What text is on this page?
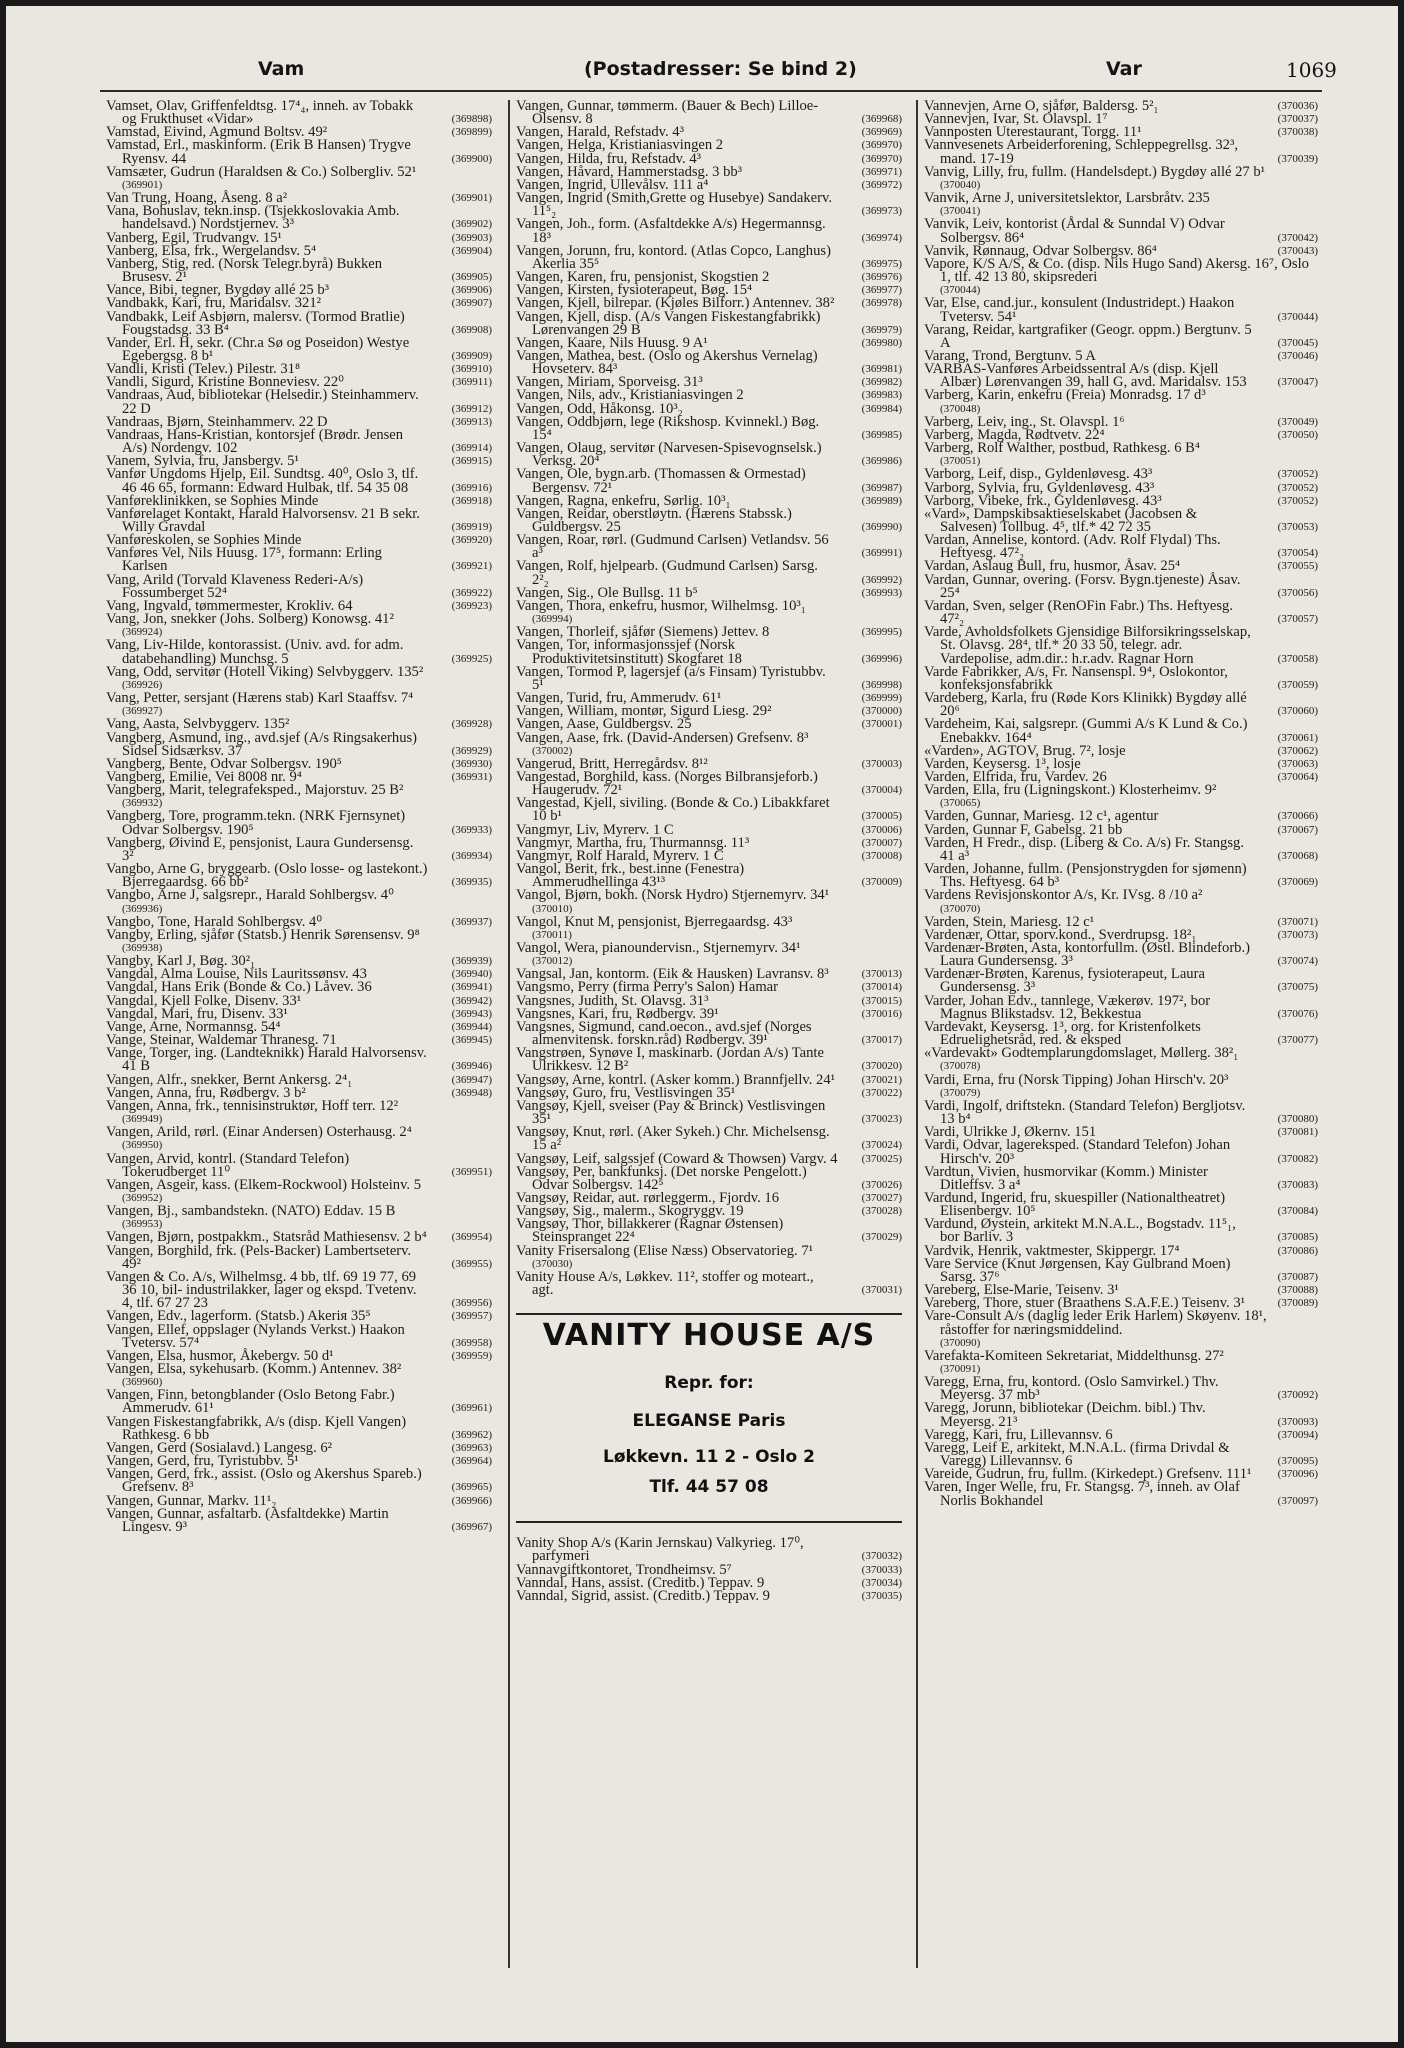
Vam	(Postadresser: Se bind 2)	Var	1069
Vamset, Olav, Griffenfeldtsg. 17⁴₄, inneh. av Tobakk og Frukthuset «Vidar»	(369898)
Vamstad, Eivind, Agmund Boltsv. 49²	(369899)
Vamstad, Erl., maskinform. (Erik B Hansen) Trygve Ryensv. 44	(369900)
Vamsæter, Gudrun (Haraldsen & Co.) Solbergliv. 52¹
(369901)
Van Trung, Hoang, Åseng. 8 a²	(369901)
Vana, Bohuslav, tekn.insp. (Tsjekkoslovakia Amb. handelsavd.) Nordstjernev. 3³	(369902)
Vanberg, Egil, Trudvangv. 15¹	(369903)
Vanberg, Elsa, frk., Wergelandsv. 5⁴	(369904)
Vanberg, Stig, red. (Norsk Telegr.byrå) Bukken Brusesv. 2¹	(369905)
Vance, Bibi, tegner, Bygdøy allé 25 b³	(369906)
Vandbakk, Kari, fru, Maridalsv. 321²	(369907)
Vandbakk, Leif Asbjørn, malersv. (Tormod Bratlie) Fougstadsg. 33 B⁴	(369908)
Vander, Erl. H, sekr. (Chr.a Sø og Poseidon) Westye Egebergsg. 8 b¹	(369909)
Vandli, Kristi (Telev.) Pilestr. 31⁸	(369910)
Vandli, Sigurd, Kristine Bonneviesv. 22⁰	(369911)
Vandraas, Aud, bibliotekar (Helsedir.) Steinhammerv. 22 D	(369912)
Vandraas, Bjørn, Steinhammerv. 22 D	(369913)
Vandraas, Hans-Kristian, kontorsjef (Brødr. Jensen A/s) Nordengv. 102	(369914)
Vanem, Sylvia, fru, Jansbergv. 5¹	(369915)
Vanfør Ungdoms Hjelp, Eil. Sundtsg. 40⁰, Oslo 3, tlf. 46 46 65, formann: Edward Hulbak, tlf. 54 35 08	(369916)
Vanføreklinikken, se Sophies Minde	(369918)
Vanførelaget Kontakt, Harald Halvorsensv. 21 B sekr. Willy Gravdal	(369919)
Vanføreskolen, se Sophies Minde	(369920)
Vanføres Vel, Nils Huusg. 17⁵, formann: Erling Karlsen	(369921)
Vang, Arild (Torvald Klaveness Rederi-A/s) Fossumberget 52⁴	(369922)
Vang, Ingvald, tømmermester, Krokliv. 64	(369923)
Vang, Jon, snekker (Johs. Solberg) Konowsg. 41²
(369924)
Vang, Liv-Hilde, kontorassist. (Univ. avd. for adm. databehandling) Munchsg. 5	(369925)
Vang, Odd, servitør (Hotell Viking) Selvbyggerv. 135²
(369926)
Vang, Petter, sersjant (Hærens stab) Karl Staaffsv. 7⁴
(369927)
Vang, Aasta, Selvbyggerv. 135²	(369928)
Vangberg, Asmund, ing., avd.sjef (A/s Ringsakerhus) Sidsel Sidsærksv. 37	(369929)
Vangberg, Bente, Odvar Solbergsv. 190⁵	(369930)
Vangberg, Emilie, Vei 8008 nr. 9⁴	(369931)
Vangberg, Marit, telegrafeksped., Majorstuv. 25 B²
(369932)
Vangberg, Tore, programm.tekn. (NRK Fjernsynet) Odvar Solbergsv. 190⁵	(369933)
Vangberg, Øivind E, pensjonist, Laura Gundersensg. 3²	(369934)
Vangbo, Arne G, bryggearb. (Oslo losse- og lastekont.) Bjerregaardsg. 66 bb²	(369935)
Vangbo, Arne J, salgsrepr., Harald Sohlbergsv. 4⁰
(369936)
Vangbo, Tone, Harald Sohlbergsv. 4⁰	(369937)
Vangby, Erling, sjåfør (Statsb.) Henrik Sørensensv. 9⁸
(369938)
Vangby, Karl J, Bøg. 30²₁	(369939)
Vangdal, Alma Louise, Nils Lauritssønsv. 43	(369940)
Vangdal, Hans Erik (Bonde & Co.) Låvev. 36	(369941)
Vangdal, Kjell Folke, Disenv. 33¹	(369942)
Vangdal, Mari, fru, Disenv. 33¹	(369943)
Vange, Arne, Normannsg. 54⁴	(369944)
Vange, Steinar, Waldemar Thranesg. 71	(369945)
Vange, Torger, ing. (Landteknikk) Harald Halvorsensv. 41 B	(369946)
Vangen, Alfr., snekker, Bernt Ankersg. 2⁴₁	(369947)
Vangen, Anna, fru, Rødbergv. 3 b²	(369948)
Vangen, Anna, frk., tennisinstruktør, Hoff terr. 12²
(369949)
Vangen, Arild, rørl. (Einar Andersen) Osterhausg. 2⁴
(369950)
Vangen, Arvid, kontrl. (Standard Telefon) Tokerudberget 11⁰	(369951)
Vangen, Asgeir, kass. (Elkem-Rockwool) Holsteinv. 5
(369952)
Vangen, Bj., sambandstekn. (NATO) Eddav. 15 B
(369953)
Vangen, Bjørn, postpakkm., Statsråd Mathiesensv. 2 b⁴ (369954)
Vangen, Borghild, frk. (Pels-Backer) Lambertseterv. 49²	(369955)
Vangen & Co. A/s, Wilhelmsg. 4 bb, tlf. 69 19 77, 69 36 10, bil- industrilakker, lager og ekspd. Tvetenv. 4, tlf. 67 27 23	(369956)
Vangen, Edv., lagerform. (Statsb.) Akerія 35⁵	(369957)
Vangen, Ellef, oppslager (Nylands Verkst.) Haakon Tvetersv. 57⁴	(369958)
Vangen, Elsa, husmor, Åkebergv. 50 d¹	(369959)
Vangen, Elsa, sykehusarb. (Komm.) Antennev. 38²
(369960)
Vangen, Finn, betongblander (Oslo Betong Fabr.) Ammerudv. 61¹	(369961)
Vangen Fiskestangfabrikk, A/s (disp. Kjell Vangen) Rathkesg. 6 bb	(369962)
Vangen, Gerd (Sosialavd.) Langesg. 6²	(369963)
Vangen, Gerd, fru, Tyristubbv. 5¹	(369964)
Vangen, Gerd, frk., assist. (Oslo og Akershus Spareb.) Grefsenv. 8³	(369965)
Vangen, Gunnar, Markv. 11¹₂	(369966)
Vangen, Gunnar, asfaltarb. (Asfaltdekke) Martin Lingesv. 9³	(369967)
Vangen, Gunnar, tømmerm. (Bauer & Bech) Lilloe-Olsensv. 8	(369968)
Vangen, Harald, Refstadv. 4³	(369969)
Vangen, Helga, Kristianiasvingen 2	(369970)
Vangen, Hilda, fru, Refstadv. 4³	(369970)
Vangen, Håvard, Hammerstadsg. 3 bb³	(369971)
Vangen, Ingrid, Ullevålsv. 111 a⁴	(369972)
Vangen, Ingrid (Smith,Grette og Husebye) Sandakerv. 11⁵₂	(369973)
Vangen, Joh., form. (Asfaltdekke A/s) Hegermannsg. 18³	(369974)
Vangen, Jorunn, fru, kontord. (Atlas Copco, Langhus) Akerlia 35⁵	(369975)
Vangen, Karen, fru, pensjonist, Skogstien 2	(369976)
Vangen, Kirsten, fysioterapeut, Bøg. 15⁴	(369977)
Vangen, Kjell, bilrepar. (Kjøles Bilforr.) Antennev. 38² (369978)
Vangen, Kjell, disp. (A/s Vangen Fiskestangfabrikk) Lørenvangen 29 B	(369979)
Vangen, Kaare, Nils Huusg. 9 A¹	(369980)
Vangen, Mathea, best. (Oslo og Akershus Vernelag) Hovseterv. 84³	(369981)
Vangen, Miriam, Sporveisg. 31³	(369982)
Vangen, Nils, adv., Kristianiasvingen 2	(369983)
Vangen, Odd, Håkonsg. 10³₂	(369984)
Vangen, Oddbjørn, lege (Rikshosp. Kvinnekl.) Bøg. 15⁴	(369985)
Vangen, Olaug, servitør (Narvesen-Spisevognselsk.) Verksg. 20⁴	(369986)
Vangen, Ole, bygn.arb. (Thomassen & Ormestad) Bergensv. 72¹	(369987)
Vangen, Ragna, enkefru, Sørlig. 10³₁	(369989)
Vangen, Reidar, oberstløytn. (Hærens Stabssk.) Guldbergsv. 25	(369990)
Vangen, Roar, rørl. (Gudmund Carlsen) Vetlandsv. 56 a³	(369991)
Vangen, Rolf, hjelpearb. (Gudmund Carlsen) Sarsg. 2²₂	(369992)
Vangen, Sig., Ole Bullsg. 11 b⁵	(369993)
Vangen, Thora, enkefru, husmor, Wilhelmsg. 10³₁
(369994)
Vangen, Thorleif, sjåfør (Siemens) Jettev. 8	(369995)
Vangen, Tor, informasjonssjef (Norsk Produktivitetsinstitutt) Skogfaret 18	(369996)
Vangen, Tormod P, lagersjef (a/s Finsam) Tyristubbv. 5¹	(369998)
Vangen, Turid, fru, Ammerudv. 61¹	(369999)
Vangen, William, montør, Sigurd Liesg. 29²	(370000)
Vangen, Aase, Guldbergsv. 25	(370001)
Vangen, Aase, frk. (David-Andersen) Grefsenv. 8³
(370002)
Vangerud, Britt, Herregårdsv. 8¹²	(370003)
Vangestad, Borghild, kass. (Norges Bilbransjeforb.) Haugerudv. 72¹	(370004)
Vangestad, Kjell, siviling. (Bonde & Co.) Libakkfaret 10 b¹	(370005)
Vangmyr, Liv, Myrerv. 1 C	(370006)
Vangmyr, Martha, fru, Thurmannsg. 11³	(370007)
Vangmyr, Rolf Harald, Myrerv. 1 C	(370008)
Vangol, Berit, frk., best.inne (Fenestra) Ammerudhellinga 43¹³	(370009)
Vangol, Bjørn, bokh. (Norsk Hydro) Stjernemyrv. 34¹
(370010)
Vangol, Knut M, pensjonist, Bjerregaardsg. 43³
(370011)
Vangol, Wera, pianoundervisn., Stjernemyrv. 34¹
(370012)
Vangsal, Jan, kontorm. (Eik & Hausken) Lavransv. 8³	(370013)
Vangsmo, Perry (firma Perry's Salon) Hamar	(370014)
Vangsnes, Judith, St. Olavsg. 31³	(370015)
Vangsnes, Kari, fru, Rødbergv. 39¹	(370016)
Vangsnes, Sigmund, cand.oecon., avd.sjef (Norges almenvitensk. forskn.råd) Rødbergv. 39¹	(370017)
Vangstrøen, Synøve I, maskinarb. (Jordan A/s) Tante Ulrikkesv. 12 B²	(370020)
Vangsøy, Arne, kontrl. (Asker komm.) Brannfjellv. 24¹ (370021)
Vangsøy, Guro, fru, Vestlisvingen 35¹	(370022)
Vangsøy, Kjell, sveiser (Pay & Brinck) Vestlisvingen 35¹	(370023)
Vangsøy, Knut, rørl. (Aker Sykeh.) Chr. Michelsensg. 15 a²	(370024)
Vangsøy, Leif, salgssjef (Coward & Thowsen) Vargv. 4 (370025)
Vangsøy, Per, bankfunksj. (Det norske Pengelott.) Odvar Solbergsv. 142⁵	(370026)
Vangsøy, Reidar, aut. rørleggerm., Fjordv. 16	(370027)
Vangsøy, Sig., malerm., Skogryggv. 19	(370028)
Vangsøy, Thor, billakkerer (Ragnar Østensen) Steinspranget 22⁴	(370029)
Vanity Frisersalong (Elise Næss) Observatorieg. 7¹
(370030)
Vanity House A/s, Løkkev. 11², stoffer og moteart., agt.	(370031)
VANITY HOUSE A/S
Repr. for:
ELEGANSE Paris
Løkkevn. 11 2 - Oslo 2
Tlf. 44 57 08
Vanity Shop A/s (Karin Jernskau) Valkyrieg. 17⁰, parfymeri	(370032)
Vannavgiftkontoret, Trondheimsv. 5⁷	(370033)
Vanndal, Hans, assist. (Creditb.) Teppav. 9	(370034)
Vanndal, Sigrid, assist. (Creditb.) Teppav. 9	(370035)
Vannevjen, Arne O, sjåfør, Baldersg. 5²₁	(370036)
Vannevjen, Ivar, St. Olavspl. 1⁷	(370037)
Vannposten Uterestaurant, Torgg. 11¹	(370038)
Vannvesenets Arbeiderforening, Schleppegrellsg. 32³, mand. 17-19	(370039)
Vanvig, Lilly, fru, fullm. (Handelsdept.) Bygdøy allé 27 b¹
(370040)
Vanvik, Arne J, universitetslektor, Larsbråtv. 235
(370041)
Vanvik, Leiv, kontorist (Årdal & Sunndal V) Odvar Solbergsv. 86⁴	(370042)
Vanvik, Rønnaug, Odvar Solbergsv. 86⁴	(370043)
Vapore, K/S A/S, & Co. (disp. Nils Hugo Sand) Akersg. 16⁷, Oslo 1, tlf. 42 13 80, skipsrederi
(370044)
Var, Else, cand.jur., konsulent (Industridept.) Haakon Tvetersv. 54¹	(370044)
Varang, Reidar, kartgrafiker (Geogr. oppm.) Bergtunv. 5 A	(370045)
Varang, Trond, Bergtunv. 5 A	(370046)
VARBAS-Vanføres Arbeidssentral A/s (disp. Kjell Albær) Lørenvangen 39, hall G, avd. Maridalsv. 153	(370047)
Varberg, Karin, enkefru (Freia) Monradsg. 17 d³
(370048)
Varberg, Leiv, ing., St. Olavspl. 1⁶	(370049)
Varberg, Magda, Rødtvetv. 22⁴	(370050)
Varberg, Rolf Walther, postbud, Rathkesg. 6 B⁴
(370051)
Varborg, Leif, disp., Gyldenløvesg. 43³	(370052)
Varborg, Sylvia, fru, Gyldenløvesg. 43³	(370052)
Varborg, Vibeke, frk., Gyldenløvesg. 43³	(370052)
«Vard», Dampskibsaktieselskabet (Jacobsen & Salvesen) Tollbug. 4⁵, tlf.* 42 72 35	(370053)
Vardan, Annelise, kontord. (Adv. Rolf Flydal) Ths. Heftyesg. 47²₂	(370054)
Vardan, Aslaug Bull, fru, husmor, Åsav. 25⁴	(370055)
Vardan, Gunnar, overing. (Forsv. Bygn.tjeneste) Åsav. 25⁴	(370056)
Vardan, Sven, selger (RenOFin Fabr.) Ths. Heftyesg. 47²₂	(370057)
Varde, Avholdsfolkets Gjensidige Bilforsikringsselskap, St. Olavsg. 28⁴, tlf.* 20 33 50, telegr. adr. Vardepolise, adm.dir.: h.r.adv. Ragnar Horn	(370058)
Varde Fabrikker, A/s, Fr. Nansenspl. 9⁴, Oslokontor, konfeksjonsfabrikk	(370059)
Vardeberg, Karla, fru (Røde Kors Klinikk) Bygdøy allé 20⁶	(370060)
Vardeheim, Kai, salgsrepr. (Gummi A/s K Lund & Co.) Enebakkv. 164⁴	(370061)
«Varden», AGTOV, Brug. 7², losje	(370062)
Varden, Keysersg. 1³, losje	(370063)
Varden, Elfrida, fru, Vardev. 26	(370064)
Varden, Ella, fru (Ligningskont.) Klosterheimv. 9²
(370065)
Varden, Gunnar, Mariesg. 12 c¹, agentur	(370066)
Varden, Gunnar F, Gabelsg. 21 bb	(370067)
Varden, H Fredr., disp. (Liberg & Co. A/s) Fr. Stangsg. 41 a³	(370068)
Varden, Johanne, fullm. (Pensjonstrygden for sjømenn) Ths. Heftyesg. 64 b³	(370069)
Vardens Revisjonskontor A/s, Kr. IVsg. 8 /10 a²
(370070)
Varden, Stein, Mariesg. 12 c¹	(370071)
Vardenær, Ottar, sporv.kond., Sverdrupsg. 18²₁	(370073)
Vardenær-Brøten, Asta, kontorfullm. (Østl. Blindeforb.) Laura Gundersensg. 3³	(370074)
Vardenær-Brøten, Karenus, fysioterapeut, Laura Gundersensg. 3³	(370075)
Varder, Johan Edv., tannlege, Vækerøv. 197², bor Magnus Blikstadsv. 12, Bekkestua	(370076)
Vardevakt, Keysersg. 1³, org. for Kristenfolkets Edruelighetsråd, red. & eksped	(370077)
«Vardevakt» Godtemplarungdomslaget, Møllerg. 38²₁
(370078)
Vardi, Erna, fru (Norsk Tipping) Johan Hirsch'v. 20³
(370079)
Vardi, Ingolf, driftstekn. (Standard Telefon) Bergljotsv. 13 b⁴	(370080)
Vardi, Ulrikke J, Økernv. 151	(370081)
Vardi, Odvar, lagereksped. (Standard Telefon) Johan Hirsch'v. 20³	(370082)
Vardtun, Vivien, husmorvikar (Komm.) Minister Ditleffsv. 3 a⁴	(370083)
Vardund, Ingerid, fru, skuespiller (Nationaltheatret) Elisenbergv. 10⁵	(370084)
Vardund, Øystein, arkitekt M.N.A.L., Bogstadv. 11⁵₁, bor Barliv. 3	(370085)
Vardvik, Henrik, vaktmester, Skippergr. 17⁴	(370086)
Vare Service (Knut Jørgensen, Kay Gulbrand Moen) Sarsg. 37⁶	(370087)
Vareberg, Else-Marie, Teisenv. 3¹	(370088)
Vareberg, Thore, stuer (Braathens S.A.F.E.) Teisenv. 3¹	(370089)
Vare-Consult A/s (daglig leder Erik Harlem) Skøyenv. 18¹, råstoffer for næringsmiddelind.
(370090)
Varefakta-Komiteen Sekretariat, Middelthunsg. 27²
(370091)
Varegg, Erna, fru, kontord. (Oslo Samvirkel.) Thv. Meyersg. 37 mb³	(370092)
Varegg, Jorunn, bibliotekar (Deichm. bibl.) Thv. Meyersg. 21³	(370093)
Varegg, Kari, fru, Lillevannsv. 6	(370094)
Varegg, Leif E, arkitekt, M.N.A.L. (firma Drivdal & Varegg) Lillevannsv. 6	(370095)
Vareide, Gudrun, fru, fullm. (Kirkedept.) Grefsenv. 111¹ (370096)
Varen, Inger Welle, fru, Fr. Stangsg. 7³, inneh. av Olaf Norlis Bokhandel	(370097)
